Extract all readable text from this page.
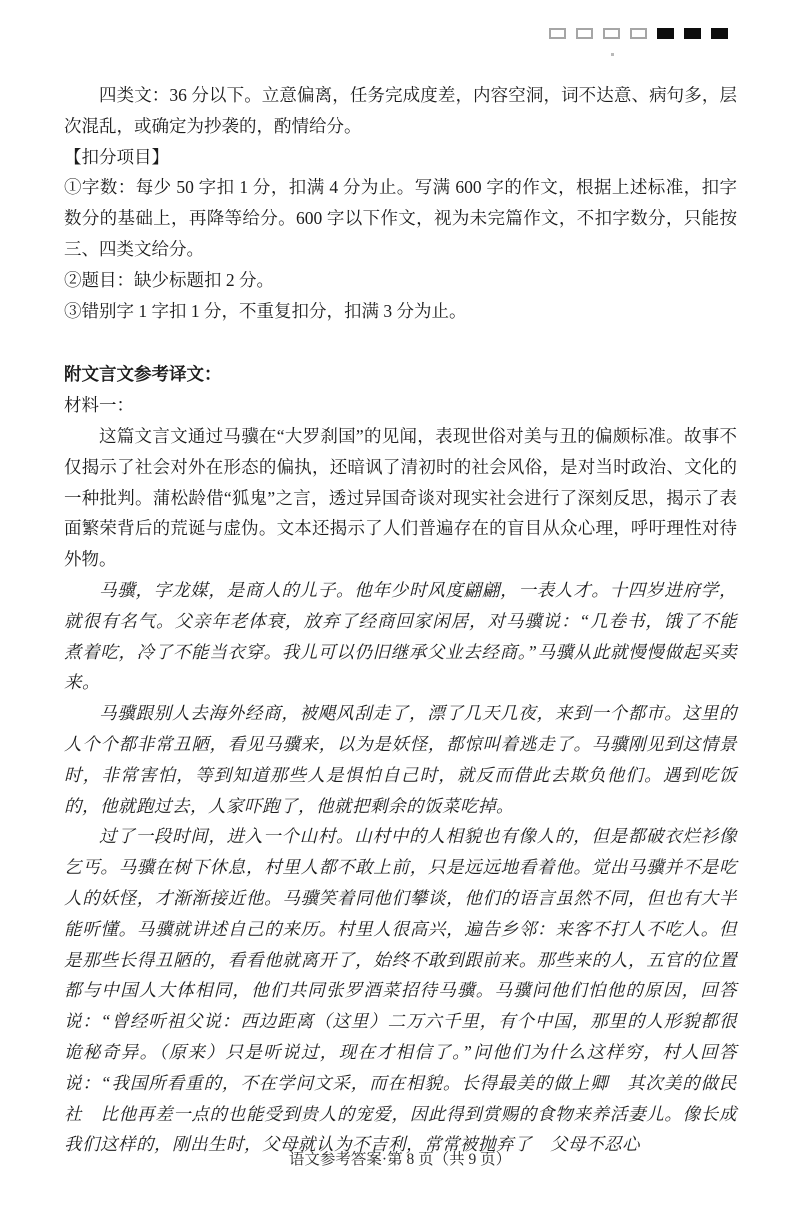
四类文：36 分以下。立意偏离，任务完成度差，内容空洞，词不达意、病句多，层次混乱，或确定为抄袭的，酌情给分。

【扣分项目】

①字数：每少 50 字扣 1 分，扣满 4 分为止。写满 600 字的作文，根据上述标准，扣字数分的基础上，再降等给分。600 字以下作文，视为未完篇作文，不扣字数分，只能按三、四类文给分。

②题目：缺少标题扣 2 分。

③错别字 1 字扣 1 分，不重复扣分，扣满 3 分为止。

附文言文参考译文：

材料一：

这篇文言文通过马骥在“大罗刹国”的见闻，表现世俗对美与丑的偏颇标准。故事不仅揭示了社会对外在形态的偏执，还暗讽了清初时的社会风俗，是对当时政治、文化的一种批判。蒲松龄借“狐鬼”之言，透过异国奇谈对现实社会进行了深刻反思，揭示了表面繁荣背后的荒诞与虚伪。文本还揭示了人们普遍存在的盲目从众心理，呼吁理性对待外物。

马骥，字龙媒，是商人的儿子。他年少时风度翩翩，一表人才。十四岁进府学，就很有名气。父亲年老体衰，放弃了经商回家闲居，对马骥说：“几卷书，饿了不能煮着吃，冷了不能当衣穿。我儿可以仍旧继承父业去经商。”马骥从此就慢慢做起买卖来。

马骥跟别人去海外经商，被飓风刮走了，漂了几天几夜，来到一个都市。这里的人个个都非常丑陋，看见马骥来，以为是妖怪，都惊叫着逃走了。马骥刚见到这情景时，非常害怕，等到知道那些人是惧怕自己时，就反而借此去欺负他们。遇到吃饭的，他就跑过去，人家吓跑了，他就把剩余的饭菜吃掉。

过了一段时间，进入一个山村。山村中的人相貌也有像人的，但是都破衣烂衫像乞丐。马骥在树下休息，村里人都不敢上前，只是远远地看着他。觉出马骥并不是吃人的妖怪，才渐渐接近他。马骥笑着同他们攀谈，他们的语言虽然不同，但也有大半能听懂。马骥就讲述自己的来历。村里人很高兴，遍告乡邻：来客不打人不吃人。但是那些长得丑陋的，看看他就离开了，始终不敢到跟前来。那些来的人，五官的位置都与中国人大体相同，他们共同张罗酒菜招待马骥。马骥问他们怕他的原因，回答说：“曾经听祖父说：西边距离（这里）二万六千里，有个中国，那里的人形貌都很诡秘奇异。（原来）只是听说过，现在才相信了。”问他们为什么这样穷，村人回答说：“我国所看重的，不在学问文采，而在相貌。长得最美的做上卿　其次美的做民社　比他再差一点的也能受到贵人的宠爱，因此得到赏赐的食物来养活妻儿。像长成我们这样的，刚出生时，父母就认为不吉利，常常被抛弃了　父母不忍心

语文参考答案·第 8 页（共 9 页）
